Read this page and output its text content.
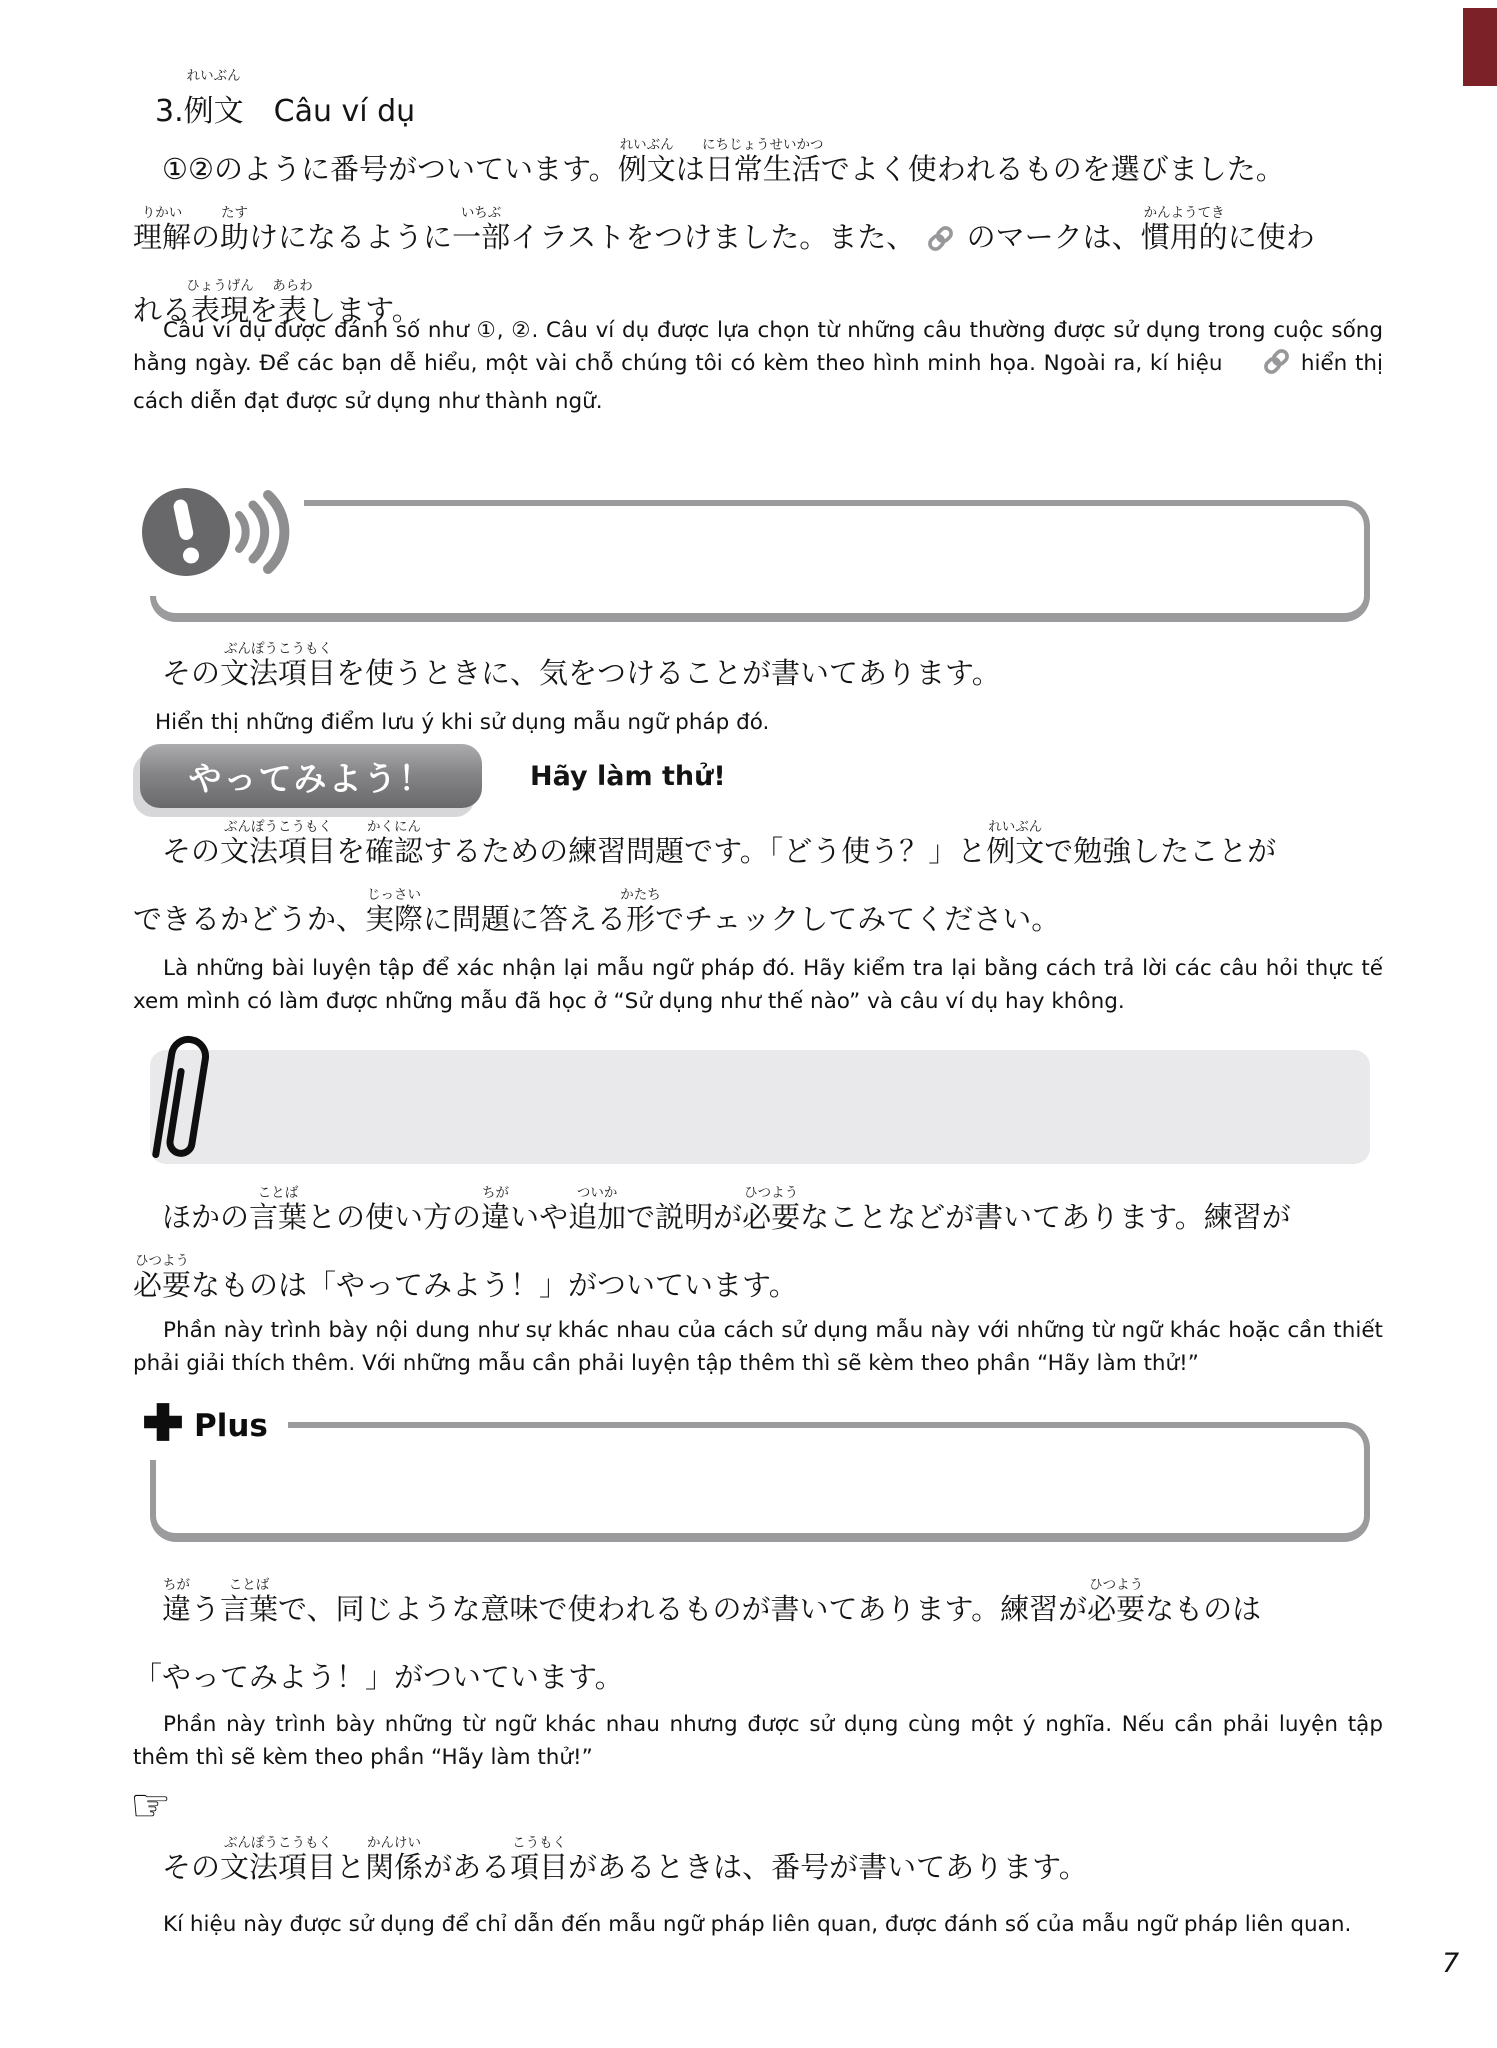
3.例文
れいぶん
　Câu ví dụ
①②のように番号がついています。例文
れいぶん
は日常生活
にちじょうせいかつ
でよく使われるものを選びました。
理解
りかい
の助
たす
けになるように一部
いちぶ
イラストをつけました。また、 のマークは、慣用的
かんようてき
に使わ
れる表現
ひょうげん
を表
あらわ
します。

Câu ví dụ được đánh số như ①, ②. Câu ví dụ được lựa chọn từ những câu thường được sử dụng trong cuộc sống hằng ngày. Để các bạn dễ hiểu, một vài chỗ chúng tôi có kèm theo hình minh họa. Ngoài ra, kí hiệu	hiển thị cách diễn đạt được sử dụng như thành ngữ.

その文法項目
ぶんぽうこうもく
を使うときに、気をつけることが書いてあります。

Hiển thị những điểm lưu ý khi sử dụng mẫu ngữ pháp đó.

やってみよう！	Hãy làm thử!
その文法項目
ぶんぽうこうもく
を確認
かくにん
するための練習問題です。「どう使う？」と例文
れいぶん
で勉強したことが
できるかどうか、実際
じっさい
に問題に答える形
かたち
でチェックしてみてください。

Là những bài luyện tập để xác nhận lại mẫu ngữ pháp đó. Hãy kiểm tra lại bằng cách trả lời các câu hỏi thực tế xem mình có làm được những mẫu đã học ở “Sử dụng như thế nào” và câu ví dụ hay không.

ほかの言葉
ことば
との使い方の違
ちが
いや追加
ついか
で説明が必要
ひつよう
なことなどが書いてあります。練習が
必要
ひつよう
なものは「やってみよう！」がついています。

Phần này trình bày nội dung như sự khác nhau của cách sử dụng mẫu này với những từ ngữ khác hoặc cần thiết phải giải thích thêm. Với những mẫu cần phải luyện tập thêm thì sẽ kèm theo phần “Hãy làm thử!”

Plus
違
ちが
う言葉
ことば
で、同じような意味で使われるものが書いてあります。練習が必要
ひつよう
なものは
「やってみよう！」がついています。

Phần này trình bày những từ ngữ khác nhau nhưng được sử dụng cùng một ý nghĩa. Nếu cần phải luyện tập thêm thì sẽ kèm theo phần “Hãy làm thử!”

☞
その文法項目
ぶんぽうこうもく
と関係
かんけい
がある項目
こうもく
があるときは、番号が書いてあります。

Kí hiệu này được sử dụng để chỉ dẫn đến mẫu ngữ pháp liên quan, được đánh số của mẫu ngữ pháp liên quan.

7
